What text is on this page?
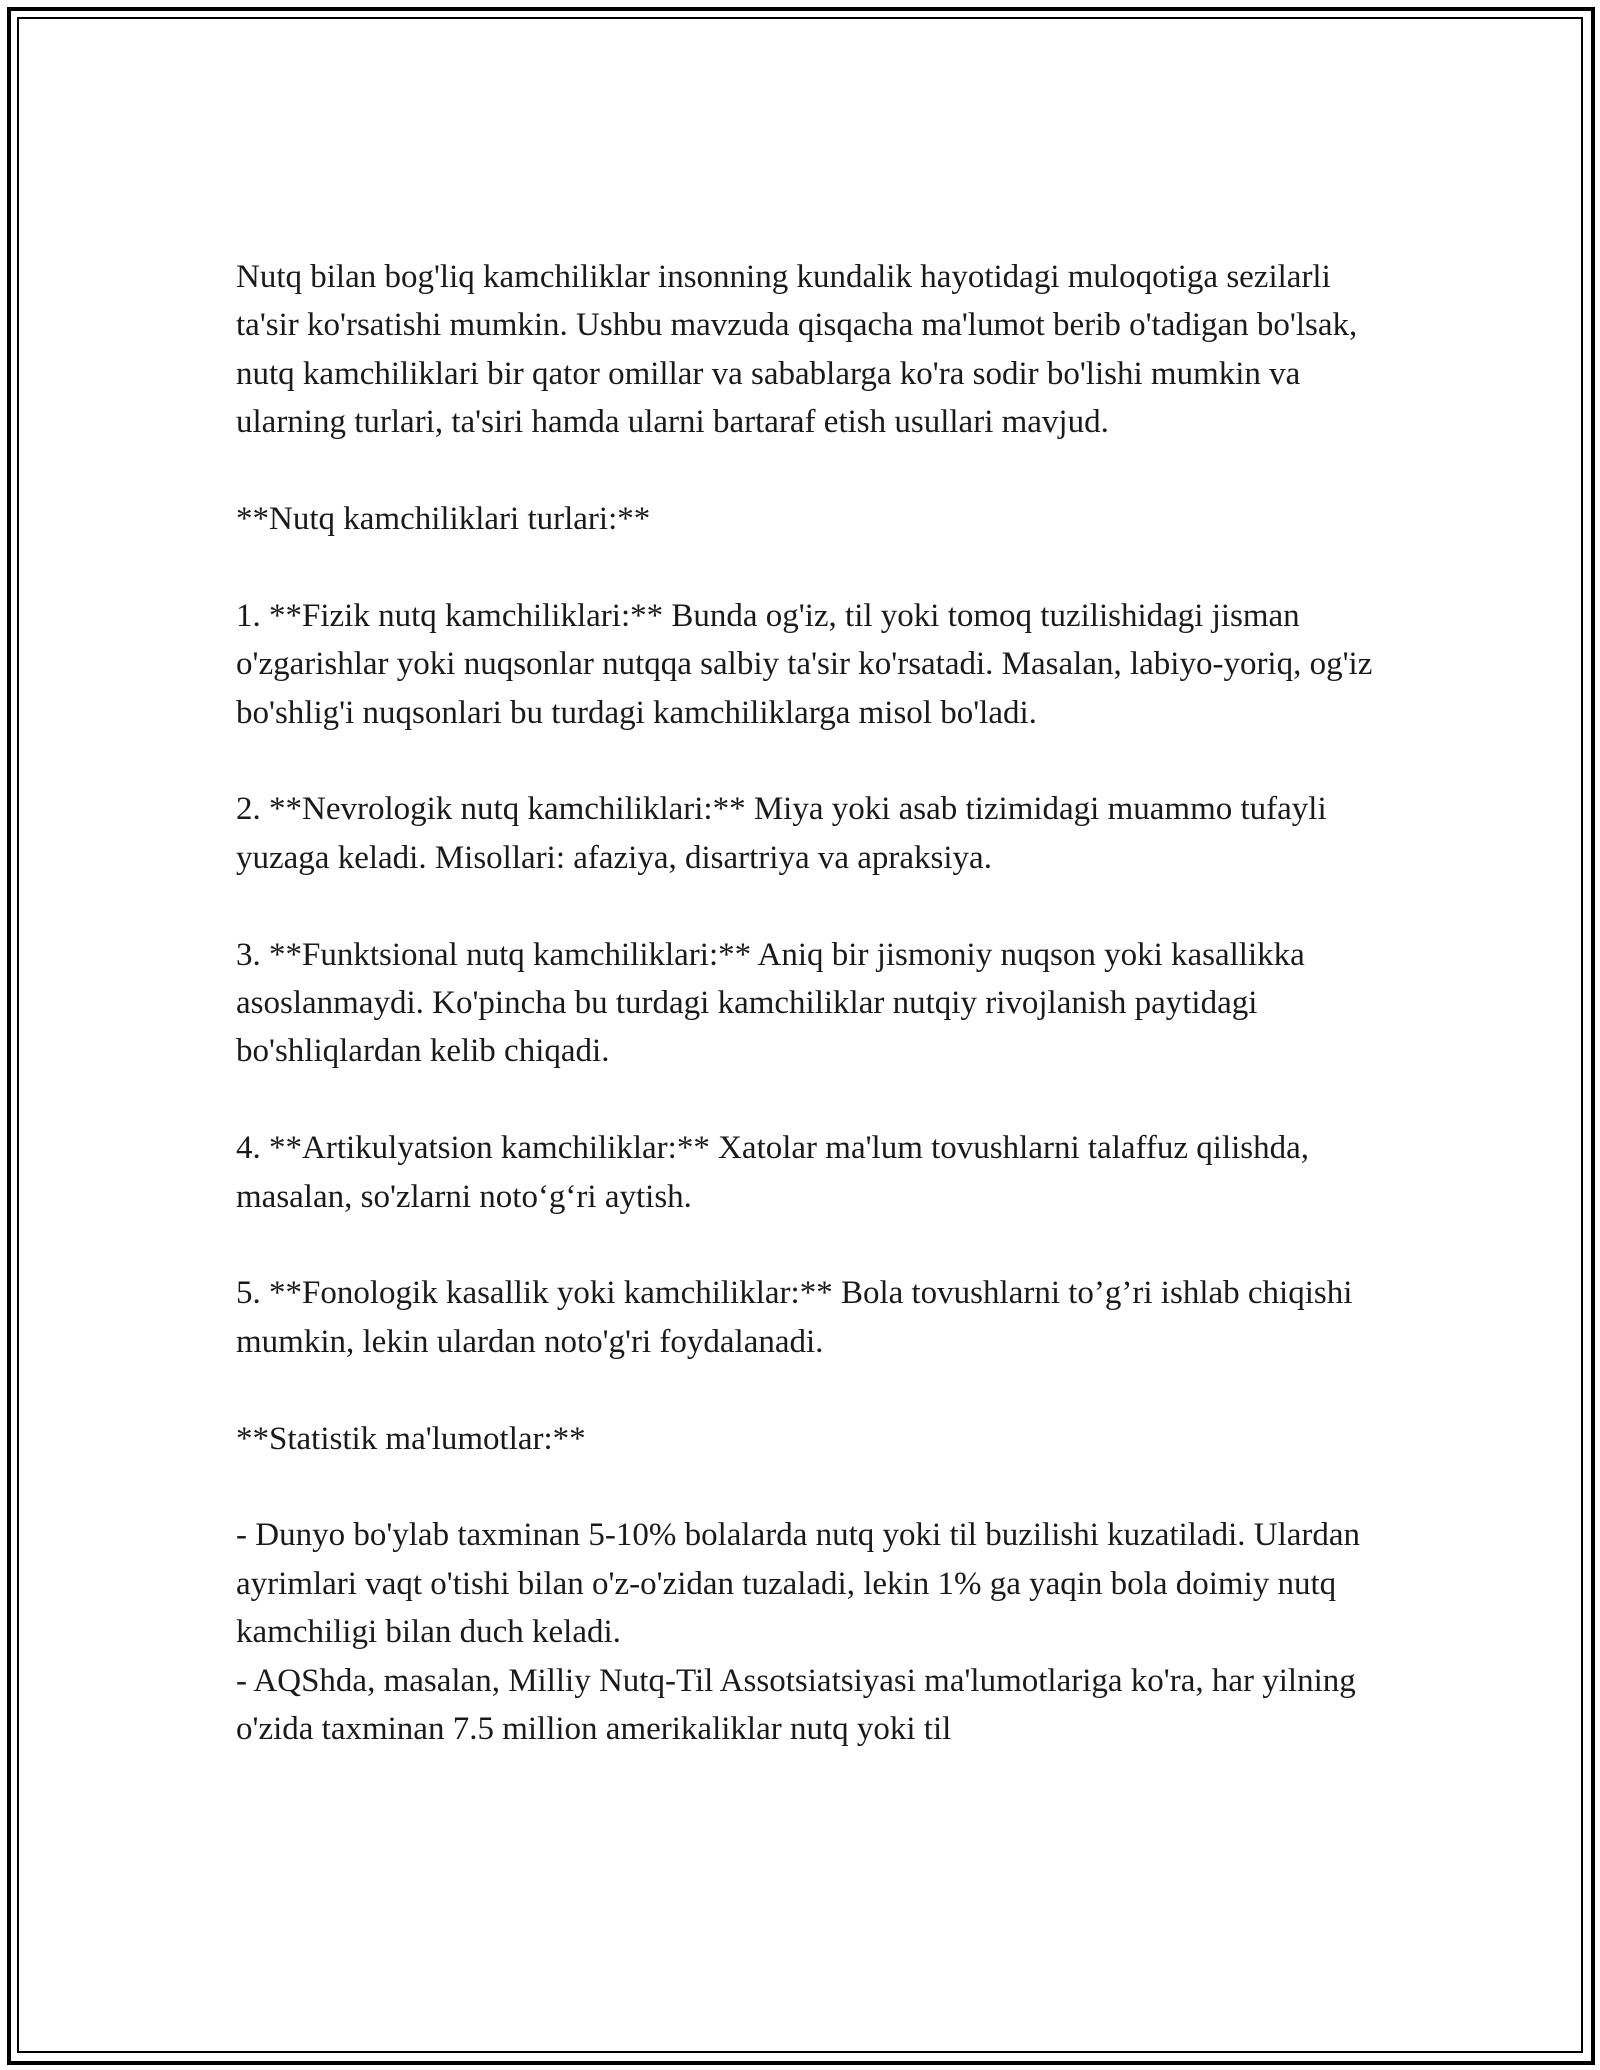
Nutq bilan bog'liq kamchiliklar insonning kundalik hayotidagi muloqotiga sezilarli ta'sir ko'rsatishi mumkin. Ushbu mavzuda qisqacha ma'lumot berib o'tadigan bo'lsak, nutq kamchiliklari bir qator omillar va sabablarga ko'ra sodir bo'lishi mumkin va ularning turlari, ta'siri hamda ularni bartaraf etish usullari mavjud.

**Nutq kamchiliklari turlari:**

1. **Fizik nutq kamchiliklari:** Bunda og'iz, til yoki tomoq tuzilishidagi jisman o'zgarishlar yoki nuqsonlar nutqqa salbiy ta'sir ko'rsatadi. Masalan, labiyo-yoriq, og'iz bo'shlig'i nuqsonlari bu turdagi kamchiliklarga misol bo'ladi.

2. **Nevrologik nutq kamchiliklari:** Miya yoki asab tizimidagi muammo tufayli yuzaga keladi. Misollari: afaziya, disartriya va apraksiya.

3. **Funktsional nutq kamchiliklari:** Aniq bir jismoniy nuqson yoki kasallikka asoslanmaydi. Ko'pincha bu turdagi kamchiliklar nutqiy rivojlanish paytidagi bo'shliqlardan kelib chiqadi.

4. **Artikulyatsion kamchiliklar:** Xatolar ma'lum tovushlarni talaffuz qilishda, masalan, so'zlarni noto‘g‘ri aytish.

5. **Fonologik kasallik yoki kamchiliklar:** Bola tovushlarni to’g’ri ishlab chiqishi mumkin, lekin ulardan noto'g'ri foydalanadi.

**Statistik ma'lumotlar:**

- Dunyo bo'ylab taxminan 5-10% bolalarda nutq yoki til buzilishi kuzatiladi. Ulardan ayrimlari vaqt o'tishi bilan o'z-o'zidan tuzaladi, lekin 1% ga yaqin bola doimiy nutq kamchiligi bilan duch keladi.

- AQShda, masalan, Milliy Nutq-Til Assotsiatsiyasi ma'lumotlariga ko'ra, har yilning o'zida taxminan 7.5 million amerikaliklar nutq yoki til
